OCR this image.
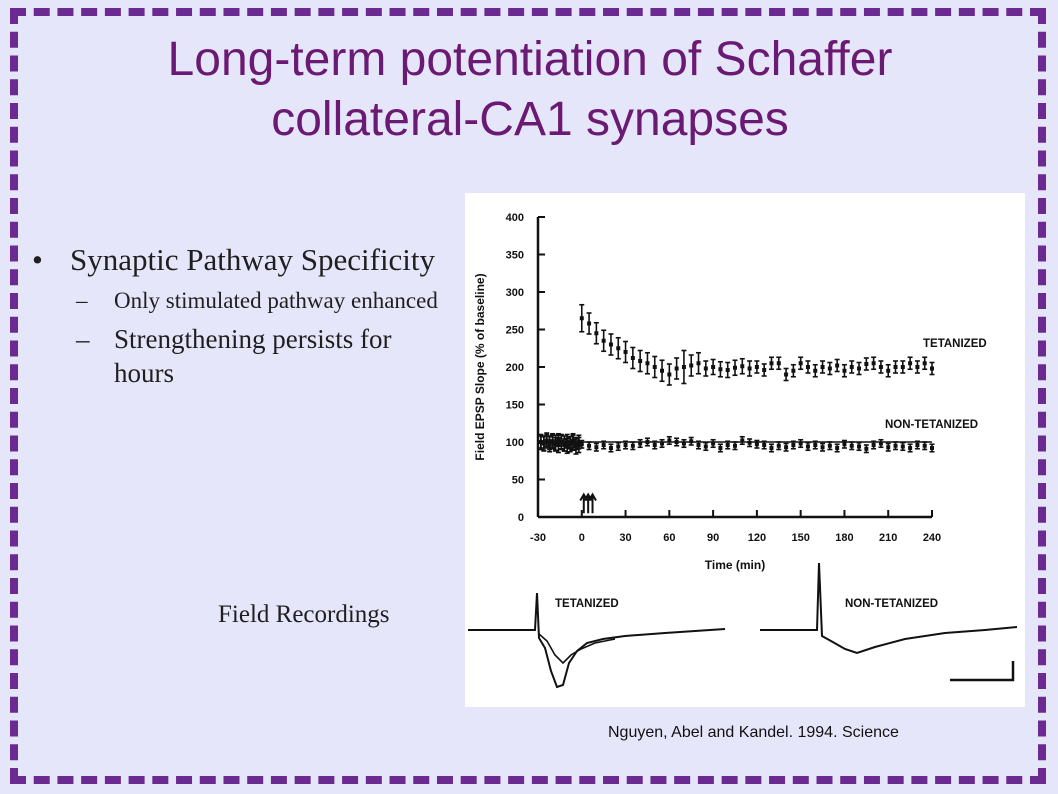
Long-term potentiation of Schaffer
collateral-CA1 synapses
• Synaptic Pathway Specificity
– Only stimulated pathway enhanced
– Strengthening persists for hours
Field Recordings
0
50
100
150
200
250
300
350
400
-30	0	30	60	90	120 150 180 210 240
Time (min)
Field EPSP Slope (% of baseline)	TETANIZED
NON-TETANIZED
TETANIZED	NON-TETANIZED
Nguyen, Abel and Kandel. 1994. Science
